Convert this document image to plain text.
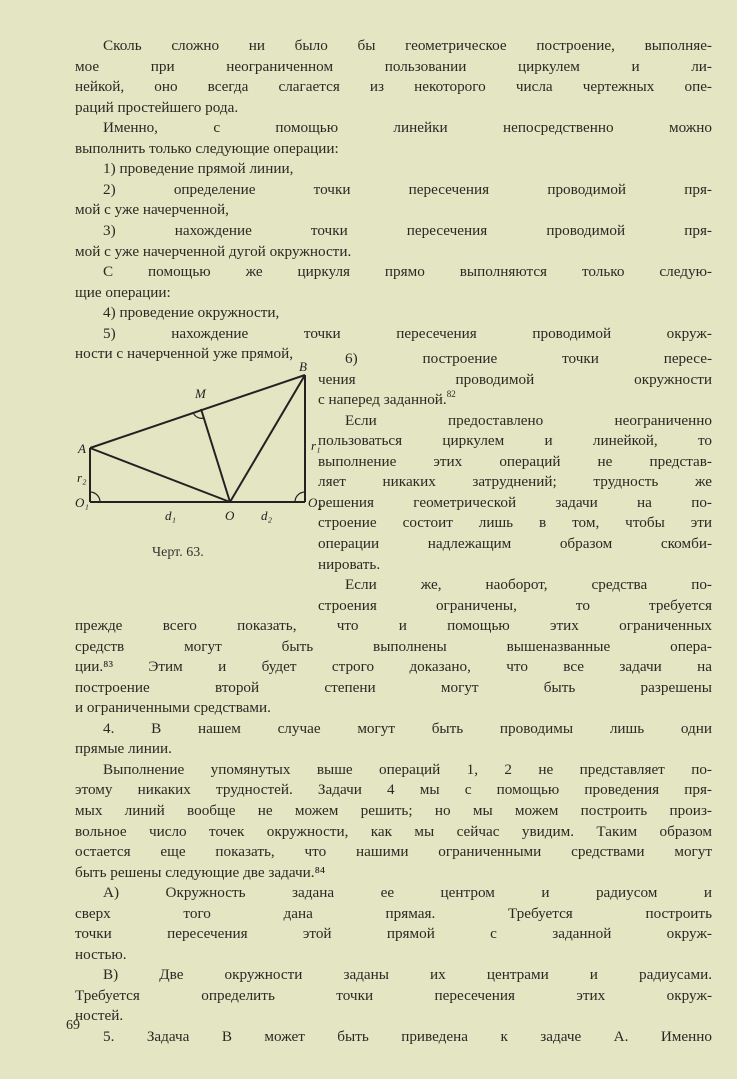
Сколь сложно ни было бы геометрическое построение, выполняе-
мое при неограниченном пользовании циркулем и ли-
нейкой, оно всегда слагается из некоторого числа чертежных опе-
раций простейшего рода.
Именно, с помощью линейки непосредственно можно
выполнить только следующие операции:
1) проведение прямой линии,
2) определение точки пересечения проводимой пря-
мой с уже начерченной,
3) нахождение точки пересечения проводимой пря-
мой с уже начерченной дугой окружности.
С помощью же циркуля прямо выполняются только следую-
щие операции:
4) проведение окружности,
5) нахождение точки пересечения проводимой окруж-
ности с начерченной уже прямой,	6) построение точки пересе-
чения проводимой окружности
с наперед заданной.$^{82}$
Если предоставлено неограниченно
пользоваться циркулем и линейкой, то
выполнение этих операций не представ-
ляет никаких затруднений; трудность же
решения геометрической задачи на по-
строение состоит лишь в том, чтобы эти
операции надлежащим образом скомби-
нировать.
Если же, наоборот, средства по-
строения ограничены, то требуется
прежде всего показать, что и помощью этих ограниченных
средств могут быть выполнены вышеназванные опера-
ции.⁸³ Этим и будет строго доказано, что все задачи на
построение второй степени могут быть разрешены
и ограниченными средствами.
4. В нашем случае могут быть проводимы лишь одни
прямые линии.
Выполнение упомянутых выше операций 1, 2 не представляет по-
этому никаких трудностей. Задачи 4 мы с помощью проведения пря-
мых линий вообще не можем решить; но мы можем построить произ-
вольное число точек окружности, как мы сейчас увидим. Таким образом
остается еще показать, что нашими ограниченными средствами могут
быть решены следующие две задачи.⁸⁴
А) Окружность задана ее центром и радиусом и
сверх того дана прямая. Требуется построить
точки пересечения этой прямой с заданной окруж-
ностью.
В) Две окружности заданы их центрами и радиусами.
Требуется определить точки пересечения этих окруж-
ностей.
5. Задача В может быть приведена к задаче А. Именно
B
M
A	r₁
r₂
O₁
O
O₂
d₁	d₂
Черт. 63.
69
